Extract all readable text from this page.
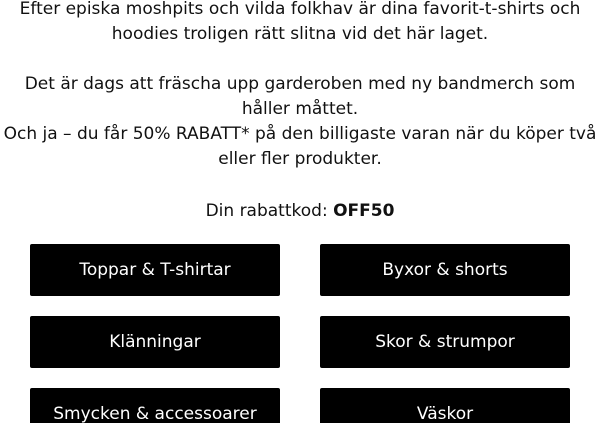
Efter episka moshpits och vilda folkhav är dina favorit-t-shirts och hoodies troligen rätt slitna vid det här laget.

Det är dags att fräscha upp garderoben med ny bandmerch som håller måttet.

Och ja – du får 50% RABATT* på den billigaste varan när du köper två eller fler produkter.

Din rabattkod: OFF50
Toppar & T-shirtar	Byxor & shorts
Klänningar	Skor & strumpor
Smycken & accessoarer	Väskor
